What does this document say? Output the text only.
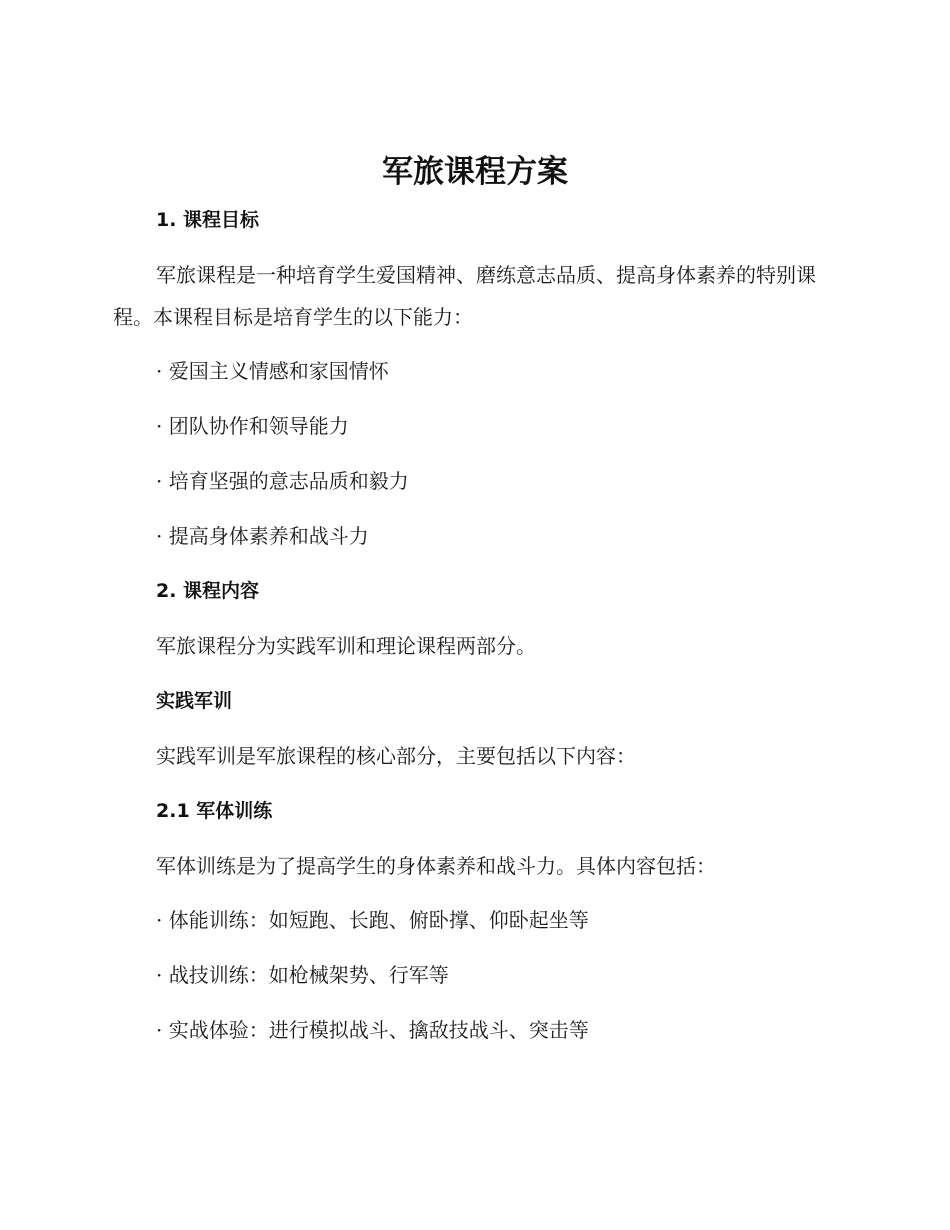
军旅课程方案
1. 课程目标

军旅课程是一种培育学生爱国精神、磨练意志品质、提高身体素养的特别课程。本课程目标是培育学生的以下能力：

· 爱国主义情感和家国情怀
· 团队协作和领导能力
· 培育坚强的意志品质和毅力
· 提高身体素养和战斗力
2. 课程内容
军旅课程分为实践军训和理论课程两部分。
实践军训
实践军训是军旅课程的核心部分，主要包括以下内容：
2.1 军体训练
军体训练是为了提高学生的身体素养和战斗力。具体内容包括：
· 体能训练：如短跑、长跑、俯卧撑、仰卧起坐等
· 战技训练：如枪械架势、行军等
· 实战体验：进行模拟战斗、擒敌技战斗、突击等
